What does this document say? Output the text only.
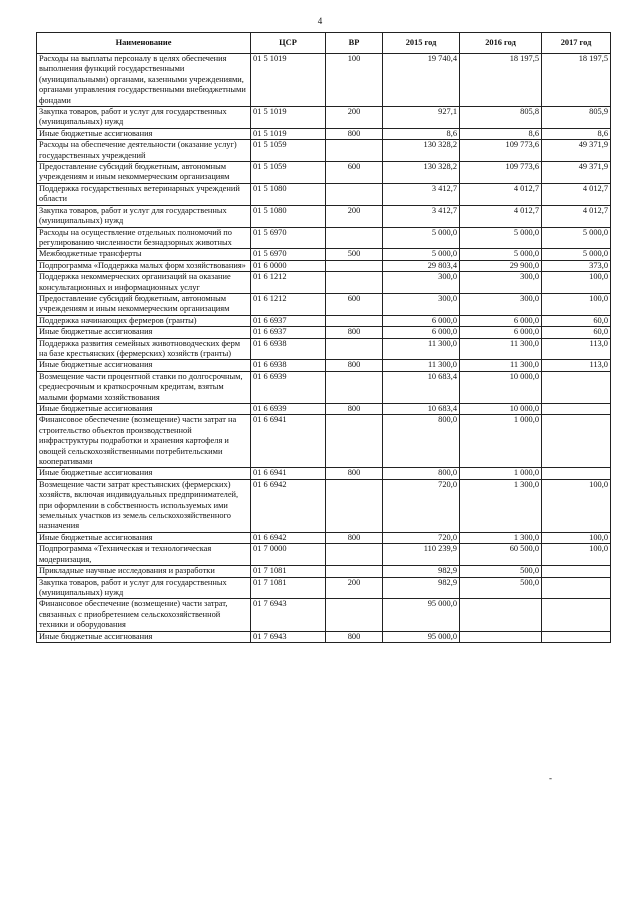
4
Наименование	ЦСР	ВР	2015 год	2016 год	2017 год
Расходы на выплаты персоналу в целях обеспечения выполнения функций государственными (муниципальными) органами, казенными учреждениями, органами управления государственными внебюджетными фондами	01 5 1019	100	19 740,4	18 197,5	18 197,5
Закупка товаров, работ и услуг для государственных (муниципальных) нужд	01 5 1019	200	927,1	805,8	805,9
Иные бюджетные ассигнования	01 5 1019	800	8,6	8,6	8,6
Расходы на обеспечение деятельности (оказание услуг) государственных учреждений	01 5 1059		130 328,2	109 773,6	49 371,9
Предоставление субсидий бюджетным, автономным учреждениям и иным некоммерческим организациям	01 5 1059	600	130 328,2	109 773,6	49 371,9
Поддержка государственных ветеринарных учреждений области	01 5 1080		3 412,7	4 012,7	4 012,7
Закупка товаров, работ и услуг для государственных (муниципальных) нужд	01 5 1080	200	3 412,7	4 012,7	4 012,7
Расходы на осуществление отдельных полномочий по регулированию численности безнадзорных животных	01 5 6970		5 000,0	5 000,0	5 000,0
Межбюджетные трансферты	01 5 6970	500	5 000,0	5 000,0	5 000,0
Подпрограмма «Поддержка малых форм хозяйствования»	01 6 0000		29 803,4	29 900,0	373,0
Поддержка некоммерческих организаций на оказание консультационных и информационных услуг	01 6 1212		300,0	300,0	100,0
Предоставление субсидий бюджетным, автономным учреждениям и иным некоммерческим организациям	01 6 1212	600	300,0	300,0	100,0
Поддержка начинающих фермеров (гранты)	01 6 6937		6 000,0	6 000,0	60,0
Иные бюджетные ассигнования	01 6 6937	800	6 000,0	6 000,0	60,0
Поддержка развития семейных животноводческих ферм на базе крестьянских (фермерских) хозяйств (гранты)	01 6 6938		11 300,0	11 300,0	113,0
Иные бюджетные ассигнования	01 6 6938	800	11 300,0	11 300,0	113,0
Возмещение части процентной ставки по долгосрочным, среднесрочным и краткосрочным кредитам, взятым малыми формами хозяйствования	01 6 6939		10 683,4	10 000,0	
Иные бюджетные ассигнования	01 6 6939	800	10 683,4	10 000,0	
Финансовое обеспечение (возмещение) части затрат на строительство объектов производственной инфраструктуры подработки и хранения картофеля и овощей сельскохозяйственными потребительскими кооперативами	01 6 6941		800,0	1 000,0	
Иные бюджетные ассигнования	01 6 6941	800	800,0	1 000,0	
Возмещение части затрат крестьянских (фермерских) хозяйств, включая индивидуальных предпринимателей, при оформлении в собственность используемых ими земельных участков из земель сельскохозяйственного назначения	01 6 6942		720,0	1 300,0	100,0
Иные бюджетные ассигнования	01 6 6942	800	720,0	1 300,0	100,0
Подпрограмма «Техническая и технологическая модернизация,	01 7 0000		110 239,9	60 500,0	100,0
Прикладные научные исследования и разработки	01 7 1081		982,9	500,0	
Закупка товаров, работ и услуг для государственных (муниципальных) нужд	01 7 1081	200	982,9	500,0	
Финансовое обеспечение (возмещение) части затрат, связанных с приобретением сельскохозяйственной техники и оборудования	01 7 6943		95 000,0		
Иные бюджетные ассигнования	01 7 6943	800	95 000,0		
-
